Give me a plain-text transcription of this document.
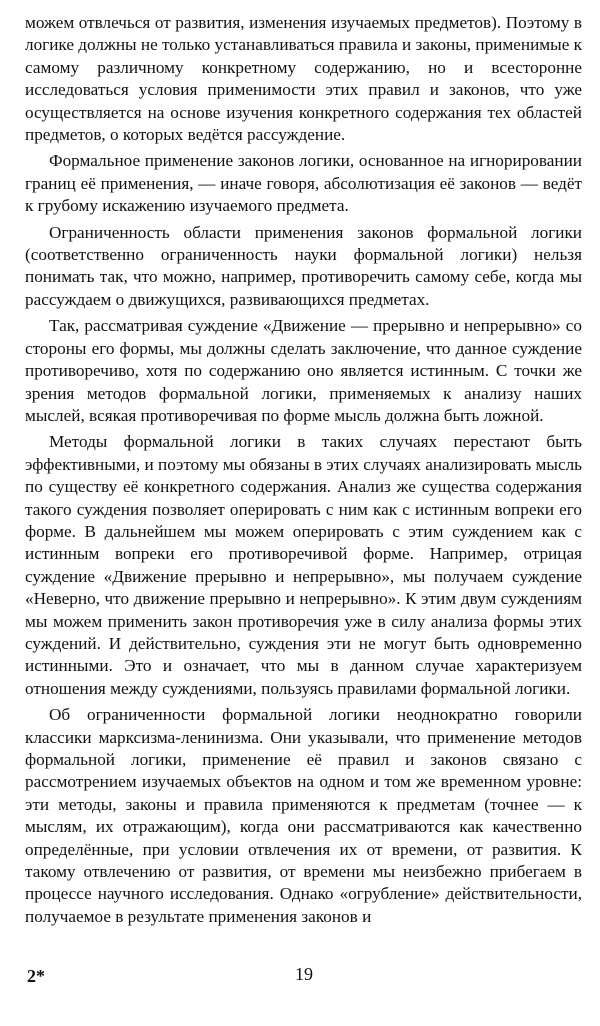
можем отвлечься от развития, изменения изучаемых предметов). Поэтому в логике должны не только устанавливаться правила и законы, применимые к самому различному конкретному содержанию, но и всесторонне исследоваться условия применимости этих правил и законов, что уже осуществляется на основе изучения конкретного содержания тех областей предметов, о которых ведётся рассуждение.

Формальное применение законов логики, основанное на игнорировании границ её применения, — иначе говоря, абсолютизация её законов — ведёт к грубому искажению изучаемого предмета.

Ограниченность области применения законов формальной логики (соответственно ограниченность науки формальной логики) нельзя понимать так, что можно, например, противоречить самому себе, когда мы рассуждаем о движущихся, развивающихся предметах.

Так, рассматривая суждение «Движение — прерывно и непрерывно» со стороны его формы, мы должны сделать заключение, что данное суждение противоречиво, хотя по содержанию оно является истинным. С точки же зрения методов формальной логики, применяемых к анализу наших мыслей, всякая противоречивая по форме мысль должна быть ложной.

Методы формальной логики в таких случаях перестают быть эффективными, и поэтому мы обязаны в этих случаях анализировать мысль по существу её конкретного содержания. Анализ же существа содержания такого суждения позволяет оперировать с ним как с истинным вопреки его форме. В дальнейшем мы можем оперировать с этим суждением как с истинным вопреки его противоречивой форме. Например, отрицая суждение «Движение прерывно и непрерывно», мы получаем суждение «Неверно, что движение прерывно и непрерывно». К этим двум суждениям мы можем применить закон противоречия уже в силу анализа формы этих суждений. И действительно, суждения эти не могут быть одновременно истинными. Это и означает, что мы в данном случае характеризуем отношения между суждениями, пользуясь правилами формальной логики.

Об ограниченности формальной логики неоднократно говорили классики марксизма-ленинизма. Они указывали, что применение методов формальной логики, применение её правил и законов связано с рассмотрением изучаемых объектов на одном и том же временном уровне: эти методы, законы и правила применяются к предметам (точнее — к мыслям, их отражающим), когда они рассматриваются как качественно определённые, при условии отвлечения их от времени, от развития. К такому отвлечению от развития, от времени мы неизбежно прибегаем в процессе научного исследования. Однако «огрубление» действительности, получаемое в результате применения законов и

2*	19
